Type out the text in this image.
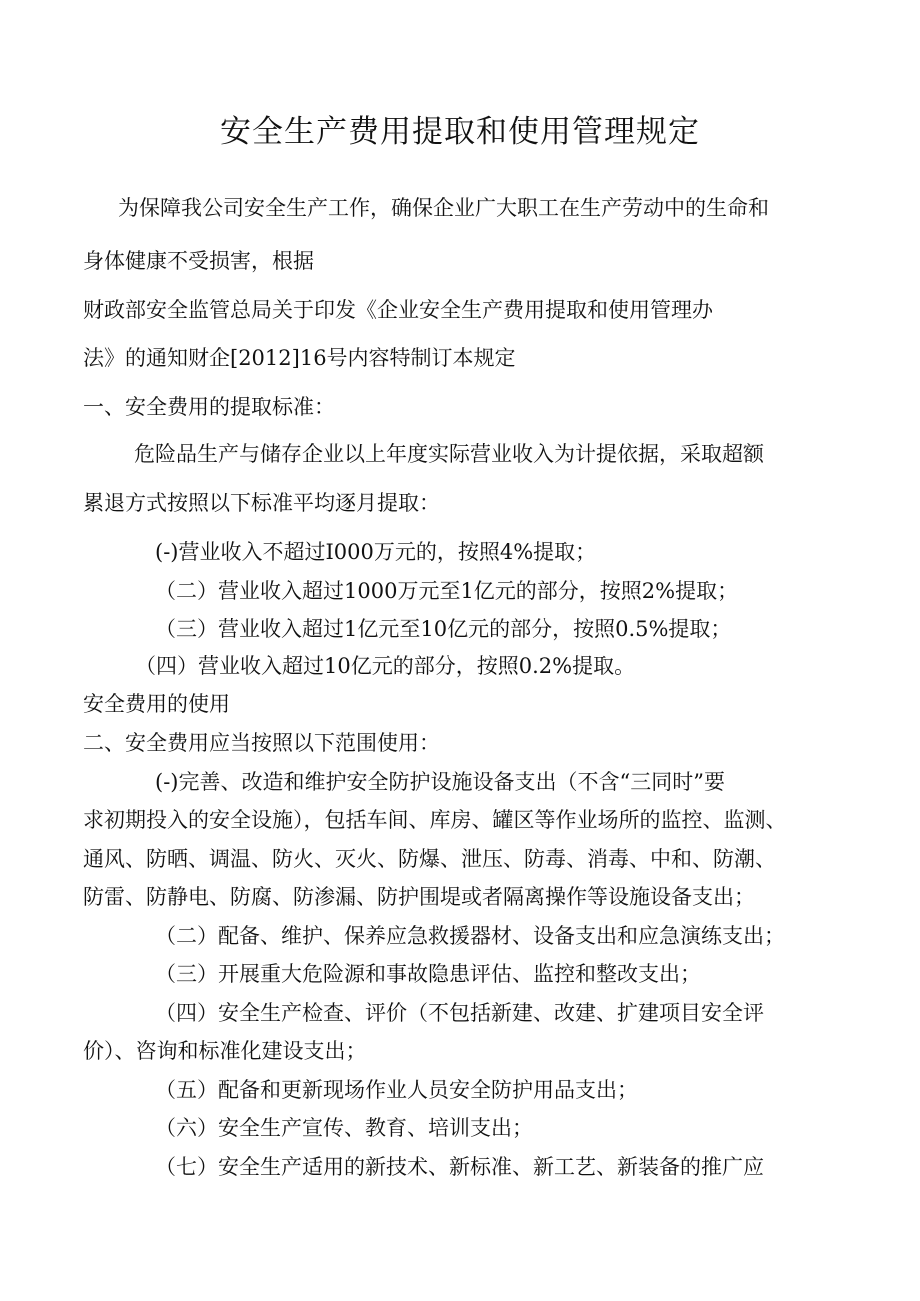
安全生产费用提取和使用管理规定
为保障我公司安全生产工作，确保企业广大职工在生产劳动中的生命和
身体健康不受损害，根据
财政部安全监管总局关于印发《企业安全生产费用提取和使用管理办
法》的通知财企[2012]16号内容特制订本规定
一、安全费用的提取标准：
危险品生产与储存企业以上年度实际营业收入为计提依据，采取超额
累退方式按照以下标准平均逐月提取：
(-)营业收入不超过I000万元的，按照4%提取；
（二）营业收入超过1000万元至1亿元的部分，按照2%提取；
（三）营业收入超过1亿元至10亿元的部分，按照0.5%提取；
（四）营业收入超过10亿元的部分，按照0.2%提取。
安全费用的使用
二、安全费用应当按照以下范围使用：
(-)完善、改造和维护安全防护设施设备支出（不含“三同时”要
求初期投入的安全设施），包括车间、库房、罐区等作业场所的监控、监测、
通风、防晒、调温、防火、灭火、防爆、泄压、防毒、消毒、中和、防潮、
防雷、防静电、防腐、防渗漏、防护围堤或者隔离操作等设施设备支出；
（二）配备、维护、保养应急救援器材、设备支出和应急演练支出；
（三）开展重大危险源和事故隐患评估、监控和整改支出；
（四）安全生产检查、评价（不包括新建、改建、扩建项目安全评
价）、咨询和标准化建设支出；
（五）配备和更新现场作业人员安全防护用品支出；
（六）安全生产宣传、教育、培训支出；
（七）安全生产适用的新技术、新标准、新工艺、新装备的推广应
